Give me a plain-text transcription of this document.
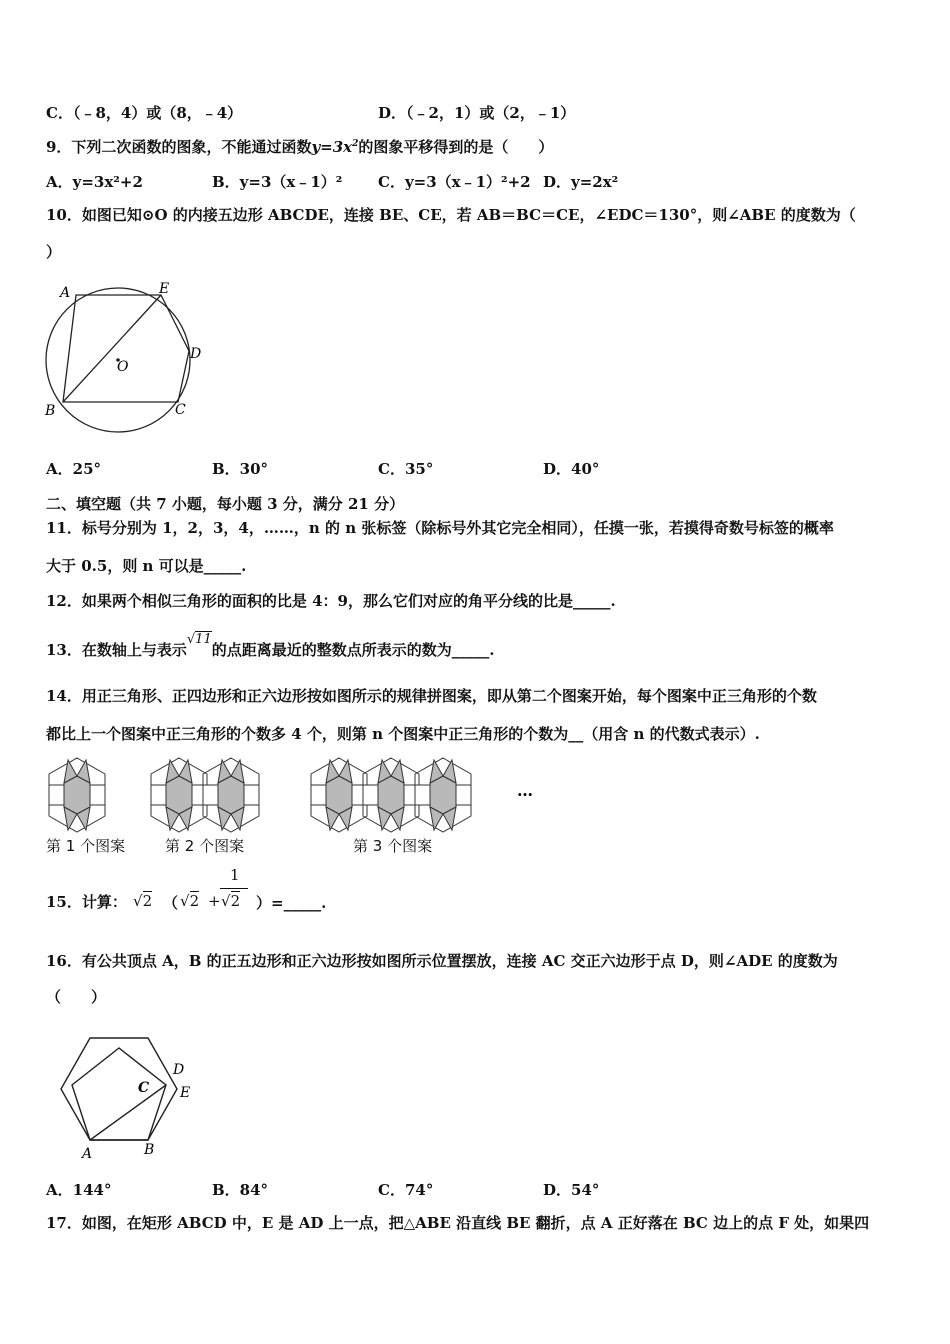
C．（﹣8，4）或（8，﹣4）	D．（﹣2，1）或（2，﹣1）
9．下列二次函数的图象，不能通过函数$y=3x^2$的图象平移得到的是（　　）
A．y=3x²+2	B．y=3（x﹣1）² C．y=3（x﹣1）²+2 D．y=2x²
10．如图已知⊙O 的内接五边形 ABCDE，连接 BE、CE，若 AB＝BC＝CE，∠EDC＝130°，则∠ABE 的度数为（
）
A	E
D
O
B	C
A．25°	B．30°	C．35°	D．40°
二、填空题（共 7 小题，每小题 3 分，满分 21 分）
11．标号分别为 1，2，3，4，……，n 的 n 张标签（除标号外其它完全相同），任摸一张，若摸得奇数号标签的概率
大于 0.5，则 n 可以是_____.
12．如果两个相似三角形的面积的比是 4：9，那么它们对应的角平分线的比是_____.
13．在数轴上与表示√11的点距离最近的整数点所表示的数为_____.
14．用正三角形、正四边形和正六边形按如图所示的规律拼图案，即从第二个图案开始，每个图案中正三角形的个数
都比上一个图案中正三角形的个数多 4 个，则第 n 个图案中正三角形的个数为__（用含 n 的代数式表示）.
…
第 1 个图案	第 2 个图案	第 3 个图案
15．计算： √2 （ √2 +
1
√2 ）=_____.
16．有公共顶点 A，B 的正五边形和正六边形按如图所示位置摆放，连接 AC 交正六边形于点 D，则∠ADE 的度数为
（　　）
C
D
E
A	B
A．144°	B．84°	C．74°	D．54°
17．如图，在矩形 ABCD 中，E 是 AD 上一点，把△ABE 沿直线 BE 翻折，点 A 正好落在 BC 边上的点 F 处，如果四
